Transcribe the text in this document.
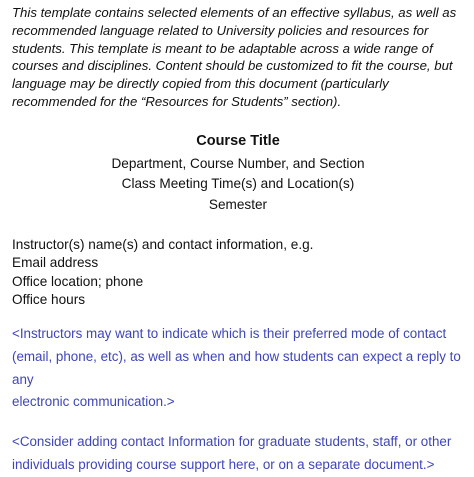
This template contains selected elements of an effective syllabus, as well as
recommended language related to University policies and resources for
students. This template is meant to be adaptable across a wide range of
courses and disciplines. Content should be customized to fit the course, but
language may be directly copied from this document (particularly
recommended for the “Resources for Students” section).

Course Title

Department, Course Number, and Section

Class Meeting Time(s) and Location(s)

Semester

Instructor(s) name(s) and contact information, e.g.

Email address

Office location; phone

Office hours

<Instructors may want to indicate which is their preferred mode of contact
(email, phone, etc), as well as when and how students can expect a reply to any
electronic communication.>

<Consider adding contact Information for graduate students, staff, or other
individuals providing course support here, or on a separate document.>
